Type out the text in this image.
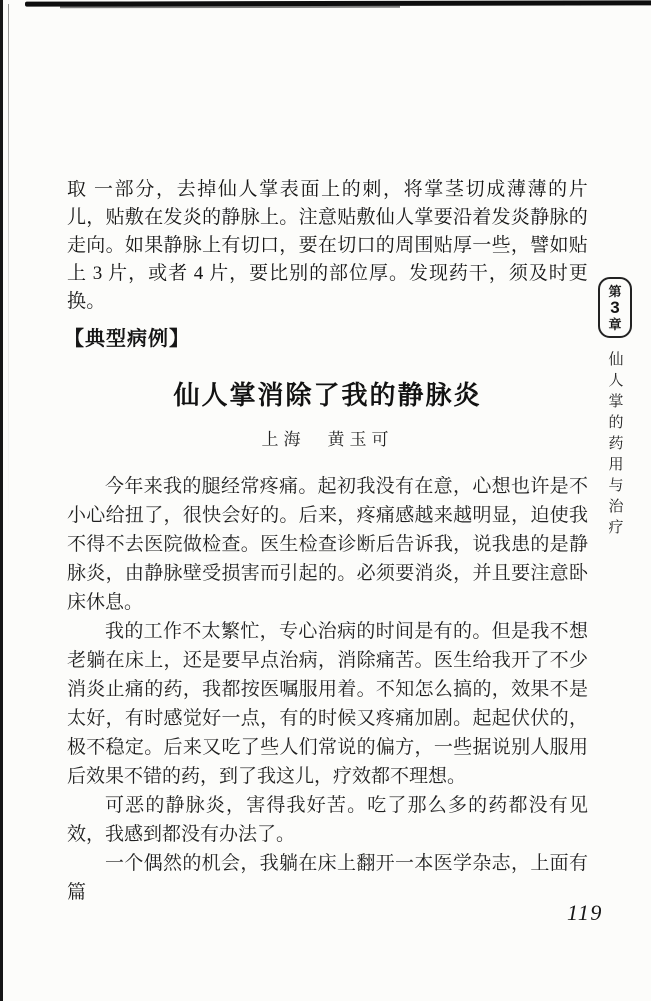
取 一部分，去掉仙人掌表面上的刺，将掌茎切成薄薄的片儿，贴敷在发炎的静脉上。注意贴敷仙人掌要沿着发炎静脉的走向。如果静脉上有切口，要在切口的周围贴厚一些，譬如贴上 3 片，或者 4 片，要比别的部位厚。发现药干，须及时更换。

【典型病例】
仙人掌消除了我的静脉炎
上海　黄玉可

今年来我的腿经常疼痛。起初我没有在意，心想也许是不小心给扭了，很快会好的。后来，疼痛感越来越明显，迫使我不得不去医院做检查。医生检查诊断后告诉我，说我患的是静脉炎，由静脉壁受损害而引起的。必须要消炎，并且要注意卧床休息。

我的工作不太繁忙，专心治病的时间是有的。但是我不想老躺在床上，还是要早点治病，消除痛苦。医生给我开了不少消炎止痛的药，我都按医嘱服用着。不知怎么搞的，效果不是太好，有时感觉好一点，有的时候又疼痛加剧。起起伏伏的，极不稳定。后来又吃了些人们常说的偏方，一些据说别人服用后效果不错的药，到了我这儿，疗效都不理想。

可恶的静脉炎，害得我好苦。吃了那么多的药都没有见效，我感到都没有办法了。

一个偶然的机会，我躺在床上翻开一本医学杂志，上面有篇

第
3
章
仙人掌的药用与治疗
119
